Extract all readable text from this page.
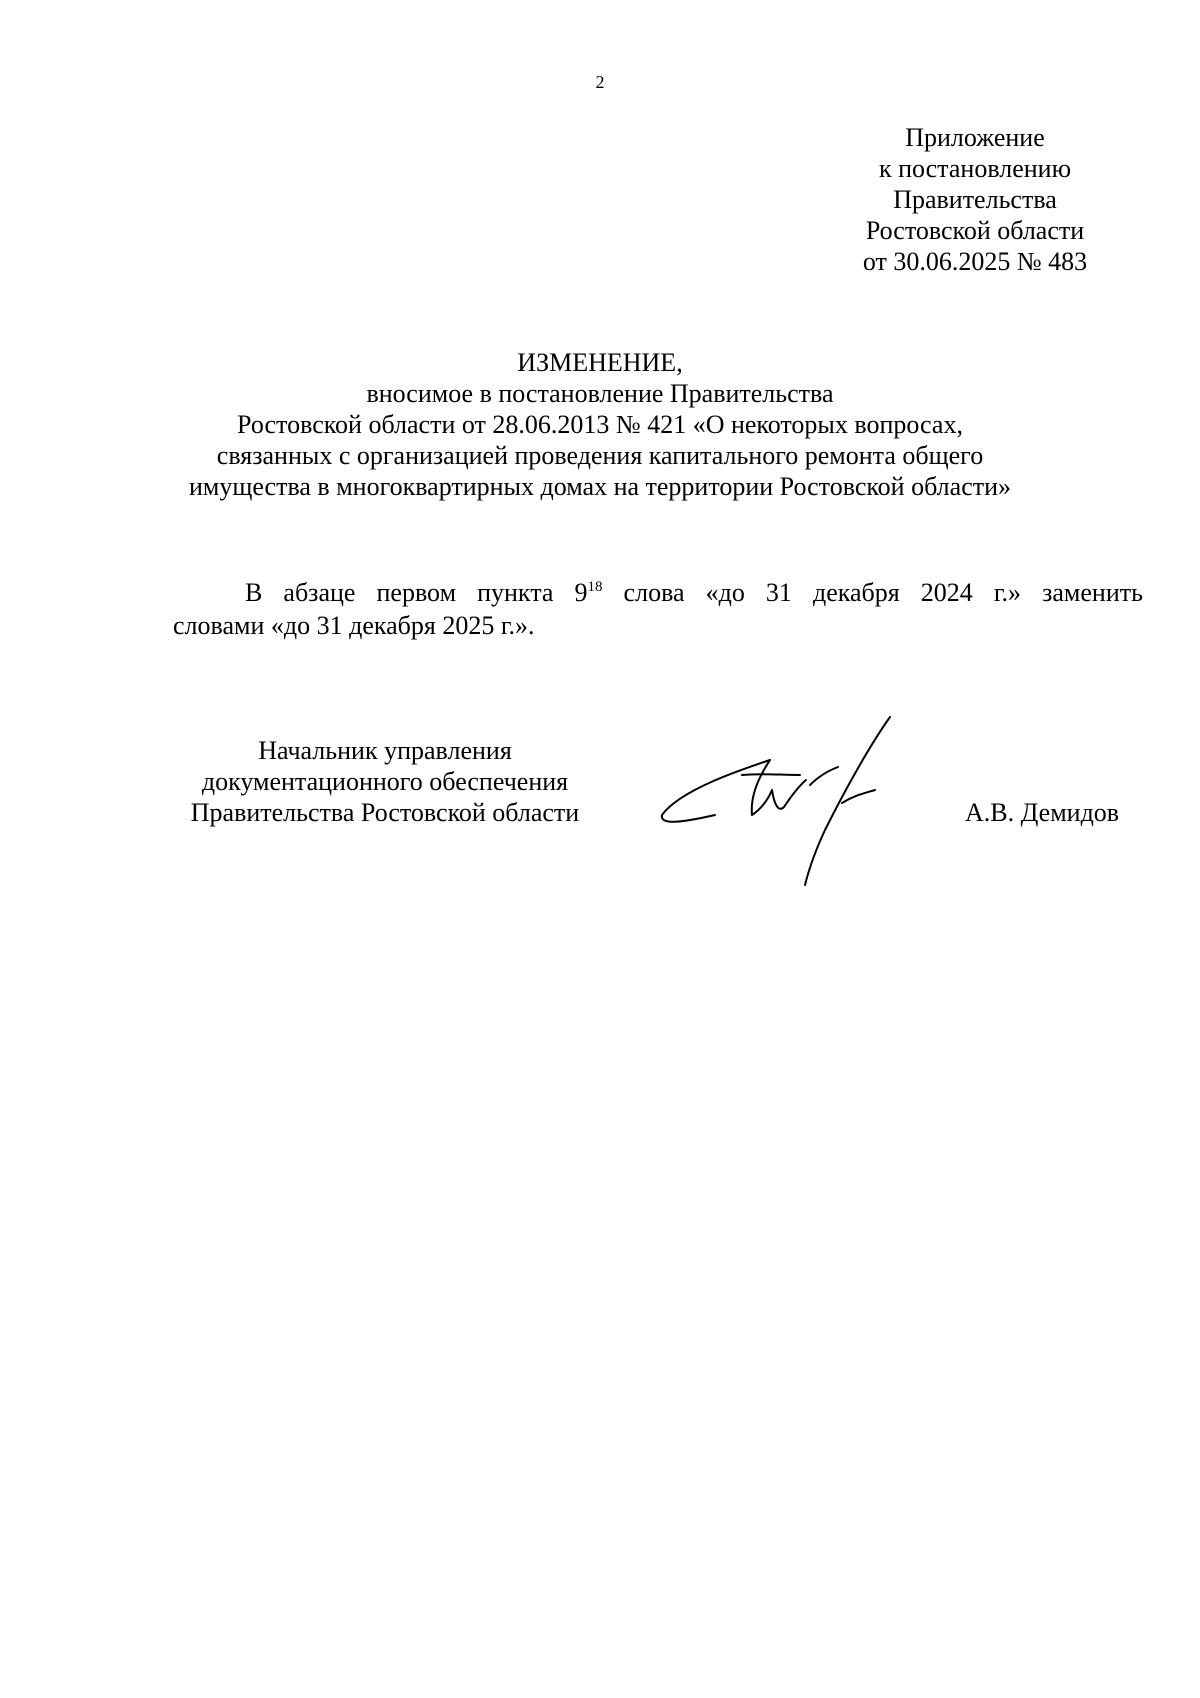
2
Приложение
к постановлению
Правительства
Ростовской области
от 30.06.2025 № 483
ИЗМЕНЕНИЕ,
вносимое в постановление Правительства
Ростовской области от 28.06.2013 № 421 «О некоторых вопросах,
связанных с организацией проведения капитального ремонта общего
имущества в многоквартирных домах на территории Ростовской области»
В абзаце первом пункта $9^{18}$ слова «до 31 декабря 2024 г.» заменить
словами «до 31 декабря 2025 г.».
Начальник управления
документационного обеспечения
Правительства Ростовской области	А.В. Демидов
